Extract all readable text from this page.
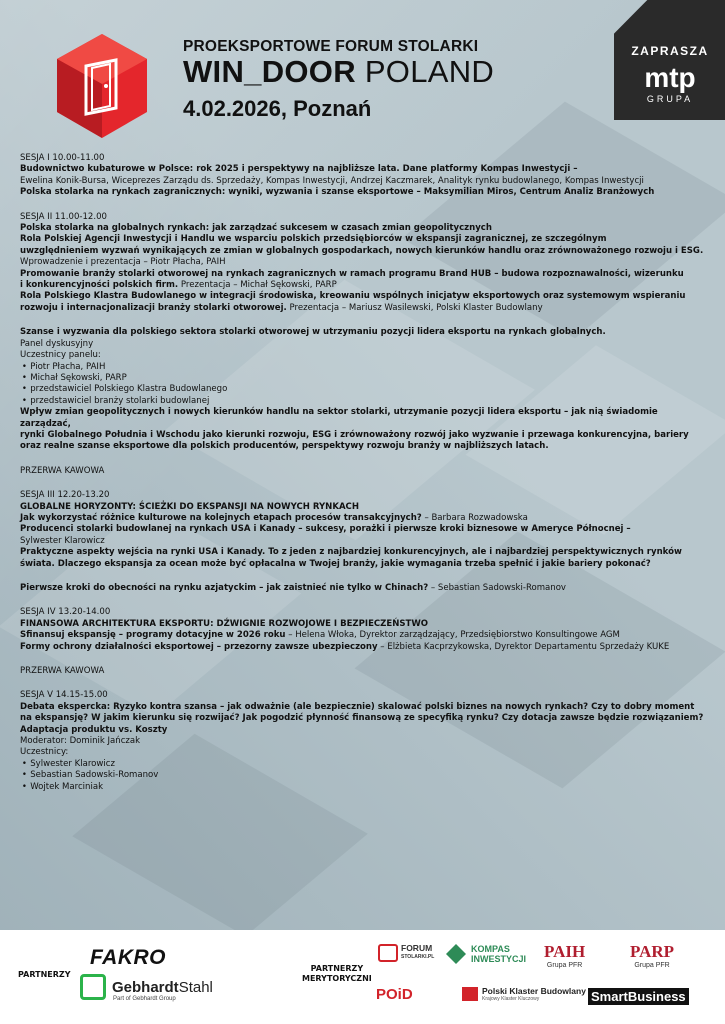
PROEKSPORTOWE FORUM STOLARKI
WIN_DOOR POLAND
4.02.2026, Poznań
ZAPRASZA
mtp
GRUPA
SESJA I 10.00-11.00
Budownictwo kubaturowe w Polsce: rok 2025 i perspektywy na najbliższe lata. Dane platformy Kompas Inwestycji –
Ewelina Konik-Bursa, Wiceprezes Zarządu ds. Sprzedaży, Kompas Inwestycji, Andrzej Kaczmarek, Analityk rynku budowlanego, Kompas Inwestycji
Polska stolarka na rynkach zagranicznych: wyniki, wyzwania i szanse eksportowe – Maksymilian Miros, Centrum Analiz Branżowych
SESJA II 11.00-12.00
Polska stolarka na globalnych rynkach: jak zarządzać sukcesem w czasach zmian geopolitycznych
Rola Polskiej Agencji Inwestycji i Handlu we wsparciu polskich przedsiębiorców w ekspansji zagranicznej, ze szczególnym
uwzględnieniem wyzwań wynikających ze zmian w globalnych gospodarkach, nowych kierunków handlu oraz zrównoważonego rozwoju i ESG.
Wprowadzenie i prezentacja – Piotr Płacha, PAIH
Promowanie branży stolarki otworowej na rynkach zagranicznych w ramach programu Brand HUB – budowa rozpoznawalności, wizerunku
i konkurencyjności polskich firm. Prezentacja – Michał Sękowski, PARP
Rola Polskiego Klastra Budowlanego w integracji środowiska, kreowaniu wspólnych inicjatyw eksportowych oraz systemowym wspieraniu
rozwoju i internacjonalizacji branży stolarki otworowej. Prezentacja – Mariusz Wasilewski, Polski Klaster Budowlany
Szanse i wyzwania dla polskiego sektora stolarki otworowej w utrzymaniu pozycji lidera eksportu na rynkach globalnych.
Panel dyskusyjny
Uczestnicy panelu:
• Piotr Płacha, PAIH
• Michał Sękowski, PARP
• przedstawiciel Polskiego Klastra Budowlanego
• przedstawiciel branży stolarki budowlanej
Wpływ zmian geopolitycznych i nowych kierunków handlu na sektor stolarki, utrzymanie pozycji lidera eksportu – jak nią świadomie zarządzać,
rynki Globalnego Południa i Wschodu jako kierunki rozwoju, ESG i zrównoważony rozwój jako wyzwanie i przewaga konkurencyjna, bariery
oraz realne szanse eksportowe dla polskich producentów, perspektywy rozwoju branży w najbliższych latach.
PRZERWA KAWOWA
SESJA III 12.20-13.20
GLOBALNE HORYZONTY: ŚCIEŻKI DO EKSPANSJI NA NOWYCH RYNKACH
Jak wykorzystać różnice kulturowe na kolejnych etapach procesów transakcyjnych? – Barbara Rozwadowska
Producenci stolarki budowlanej na rynkach USA i Kanady – sukcesy, porażki i pierwsze kroki biznesowe w Ameryce Północnej –
Sylwester Klarowicz
Praktyczne aspekty wejścia na rynki USA i Kanady. To z jeden z najbardziej konkurencyjnych, ale i najbardziej perspektywicznych rynków
świata. Dlaczego ekspansja za ocean może być opłacalna w Twojej branży, jakie wymagania trzeba spełnić i jakie bariery pokonać?
Pierwsze kroki do obecności na rynku azjatyckim – jak zaistnieć nie tylko w Chinach? – Sebastian Sadowski-Romanov
SESJA IV 13.20-14.00
FINANSOWA ARCHITEKTURA EKSPORTU: DŹWIGNIE ROZWOJOWE I BEZPIECZEŃSTWO
Sfinansuj ekspansję – programy dotacyjne w 2026 roku – Helena Włoka, Dyrektor zarządzający, Przedsiębiorstwo Konsultingowe AGM
Formy ochrony działalności eksportowej – przezorny zawsze ubezpieczony – Elżbieta Kacprzykowska, Dyrektor Departamentu Sprzedaży KUKE
PRZERWA KAWOWA
SESJA V 14.15-15.00
Debata ekspercka: Ryzyko kontra szansa – jak odważnie (ale bezpiecznie) skalować polski biznes na nowych rynkach? Czy to dobry moment
na ekspansję? W jakim kierunku się rozwijać? Jak pogodzić płynność finansową ze specyfiką rynku? Czy dotacja zawsze będzie rozwiązaniem?
Adaptacja produktu vs. Koszty
Moderator: Dominik Jańczak
Uczestnicy:
• Sylwester Klarowicz
• Sebastian Sadowski-Romanov
• Wojtek Marciniak
PARTNERZY
PARTNERZY
MERYTORYCZNI
FAKRO
Gebhardt Stahl
Part of Gebhardt Group
FORUM
STOLARKI.PL
KOMPAS
INWESTYCJI PAIH
Grupa PFR
PARP
Grupa PFR
POiD	Polski Klaster Budowlany
Krajowy Klaster Kluczowy	SmartBusiness
